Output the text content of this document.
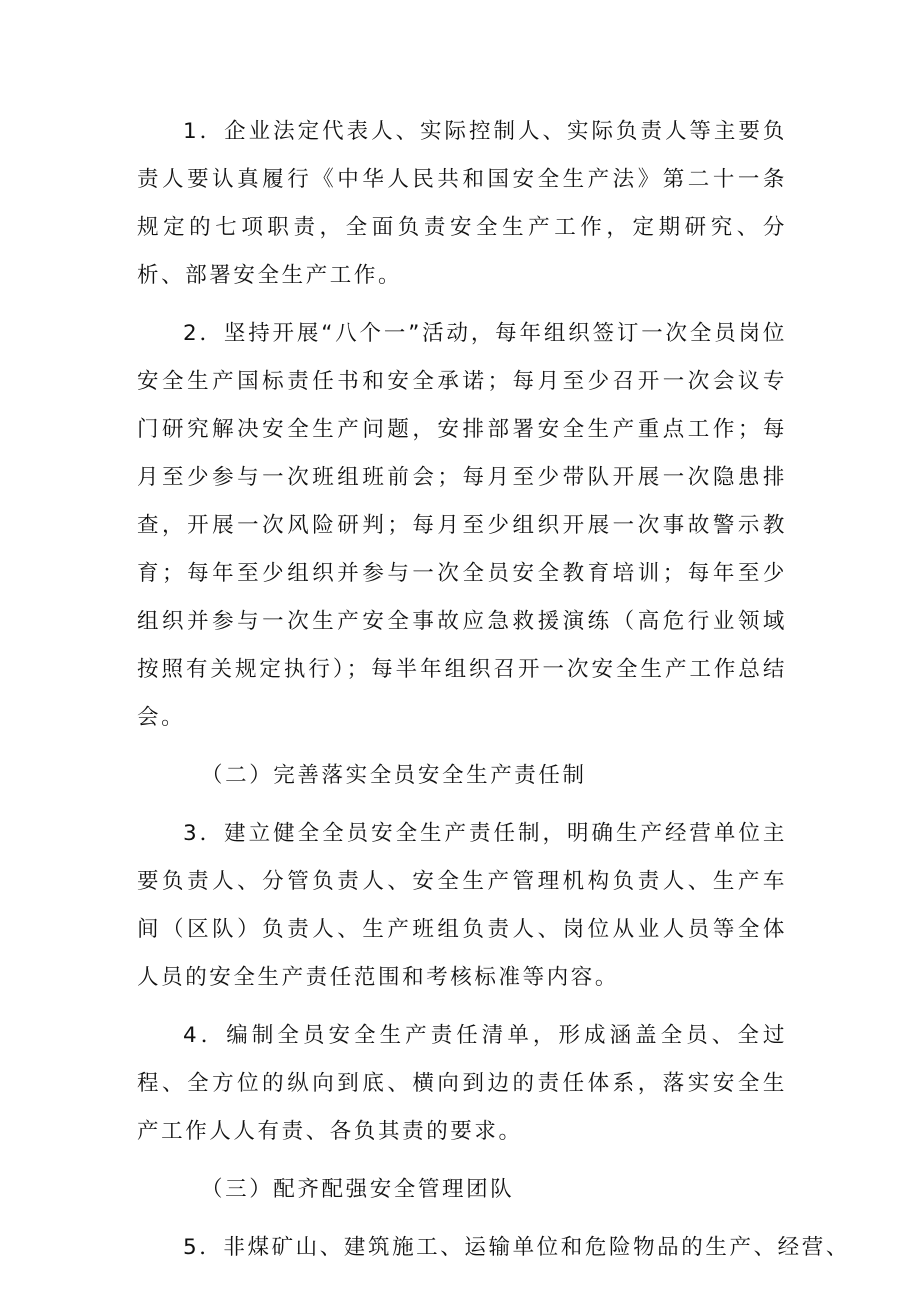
1．企业法定代表人、实际控制人、实际负责人等主要负责人要认真履行《中华人民共和国安全生产法》第二十一条规定的七项职责，全面负责安全生产工作，定期研究、分析、部署安全生产工作。

2．坚持开展“八个一”活动，每年组织签订一次全员岗位安全生产国标责任书和安全承诺；每月至少召开一次会议专门研究解决安全生产问题，安排部署安全生产重点工作；每月至少参与一次班组班前会；每月至少带队开展一次隐患排查，开展一次风险研判；每月至少组织开展一次事故警示教育；每年至少组织并参与一次全员安全教育培训；每年至少组织并参与一次生产安全事故应急救援演练（高危行业领域按照有关规定执行）；每半年组织召开一次安全生产工作总结会。

（二）完善落实全员安全生产责任制

3．建立健全全员安全生产责任制，明确生产经营单位主要负责人、分管负责人、安全生产管理机构负责人、生产车间（区队）负责人、生产班组负责人、岗位从业人员等全体人员的安全生产责任范围和考核标准等内容。

4．编制全员安全生产责任清单，形成涵盖全员、全过程、全方位的纵向到底、横向到边的责任体系，落实安全生产工作人人有责、各负其责的要求。

（三）配齐配强安全管理团队

5．非煤矿山、建筑施工、运输单位和危险物品的生产、经营、
